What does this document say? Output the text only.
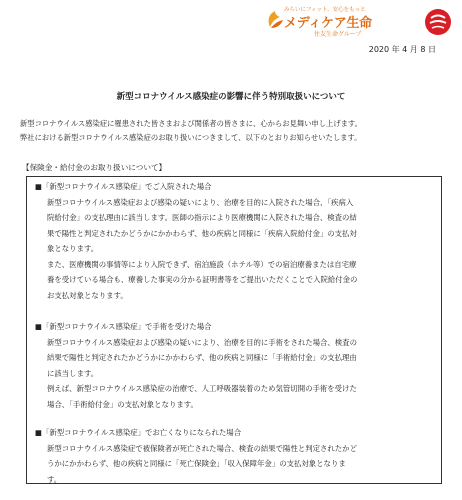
みらいにフィット、安心をもっと
メディケア生命
住友生命グループ
2020 年 4 月 8 日
新型コロナウイルス感染症の影響に伴う特別取扱いについて
新型コロナウイルス感染症に罹患された皆さまおよび関係者の皆さまに、心からお見舞い申し上げます。
弊社における新型コロナウイルス感染症のお取り扱いにつきまして、以下のとおりお知らせいたします。
【保険金・給付金のお取り扱いについて】
■「新型コロナウイルス感染症」でご入院された場合

新型コロナウイルス感染症および感染の疑いにより、治療を目的に入院された場合、「疾病入

院給付金」の支払理由に該当します。医師の指示により医療機関に入院された場合、検査の結

果で陽性と判定されたかどうかにかかわらず、他の疾病と同様に「疾病入院給付金」の支払対

象となります。

また、医療機関の事情等により入院できず、宿泊施設（ホテル等）での宿泊療養または自宅療

養を受けている場合も、療養した事実の分かる証明書等をご提出いただくことで入院給付金の

お支払対象となります。

■「新型コロナウイルス感染症」で手術を受けた場合

新型コロナウイルス感染症および感染の疑いにより、治療を目的に手術をされた場合、検査の

結果で陽性と判定されたかどうかにかかわらず、他の疾病と同様に「手術給付金」の支払理由

に該当します。

例えば、新型コロナウイルス感染症の治療で、人工呼吸器装着のため気管切開の手術を受けた

場合、「手術給付金」の支払対象となります。

■「新型コロナウイルス感染症」でお亡くなりになられた場合

新型コロナウイルス感染症で被保険者が死亡された場合、検査の結果で陽性と判定されたかど

うかにかかわらず、他の疾病と同様に「死亡保険金」「収入保障年金」の支払対象となりま

す。
